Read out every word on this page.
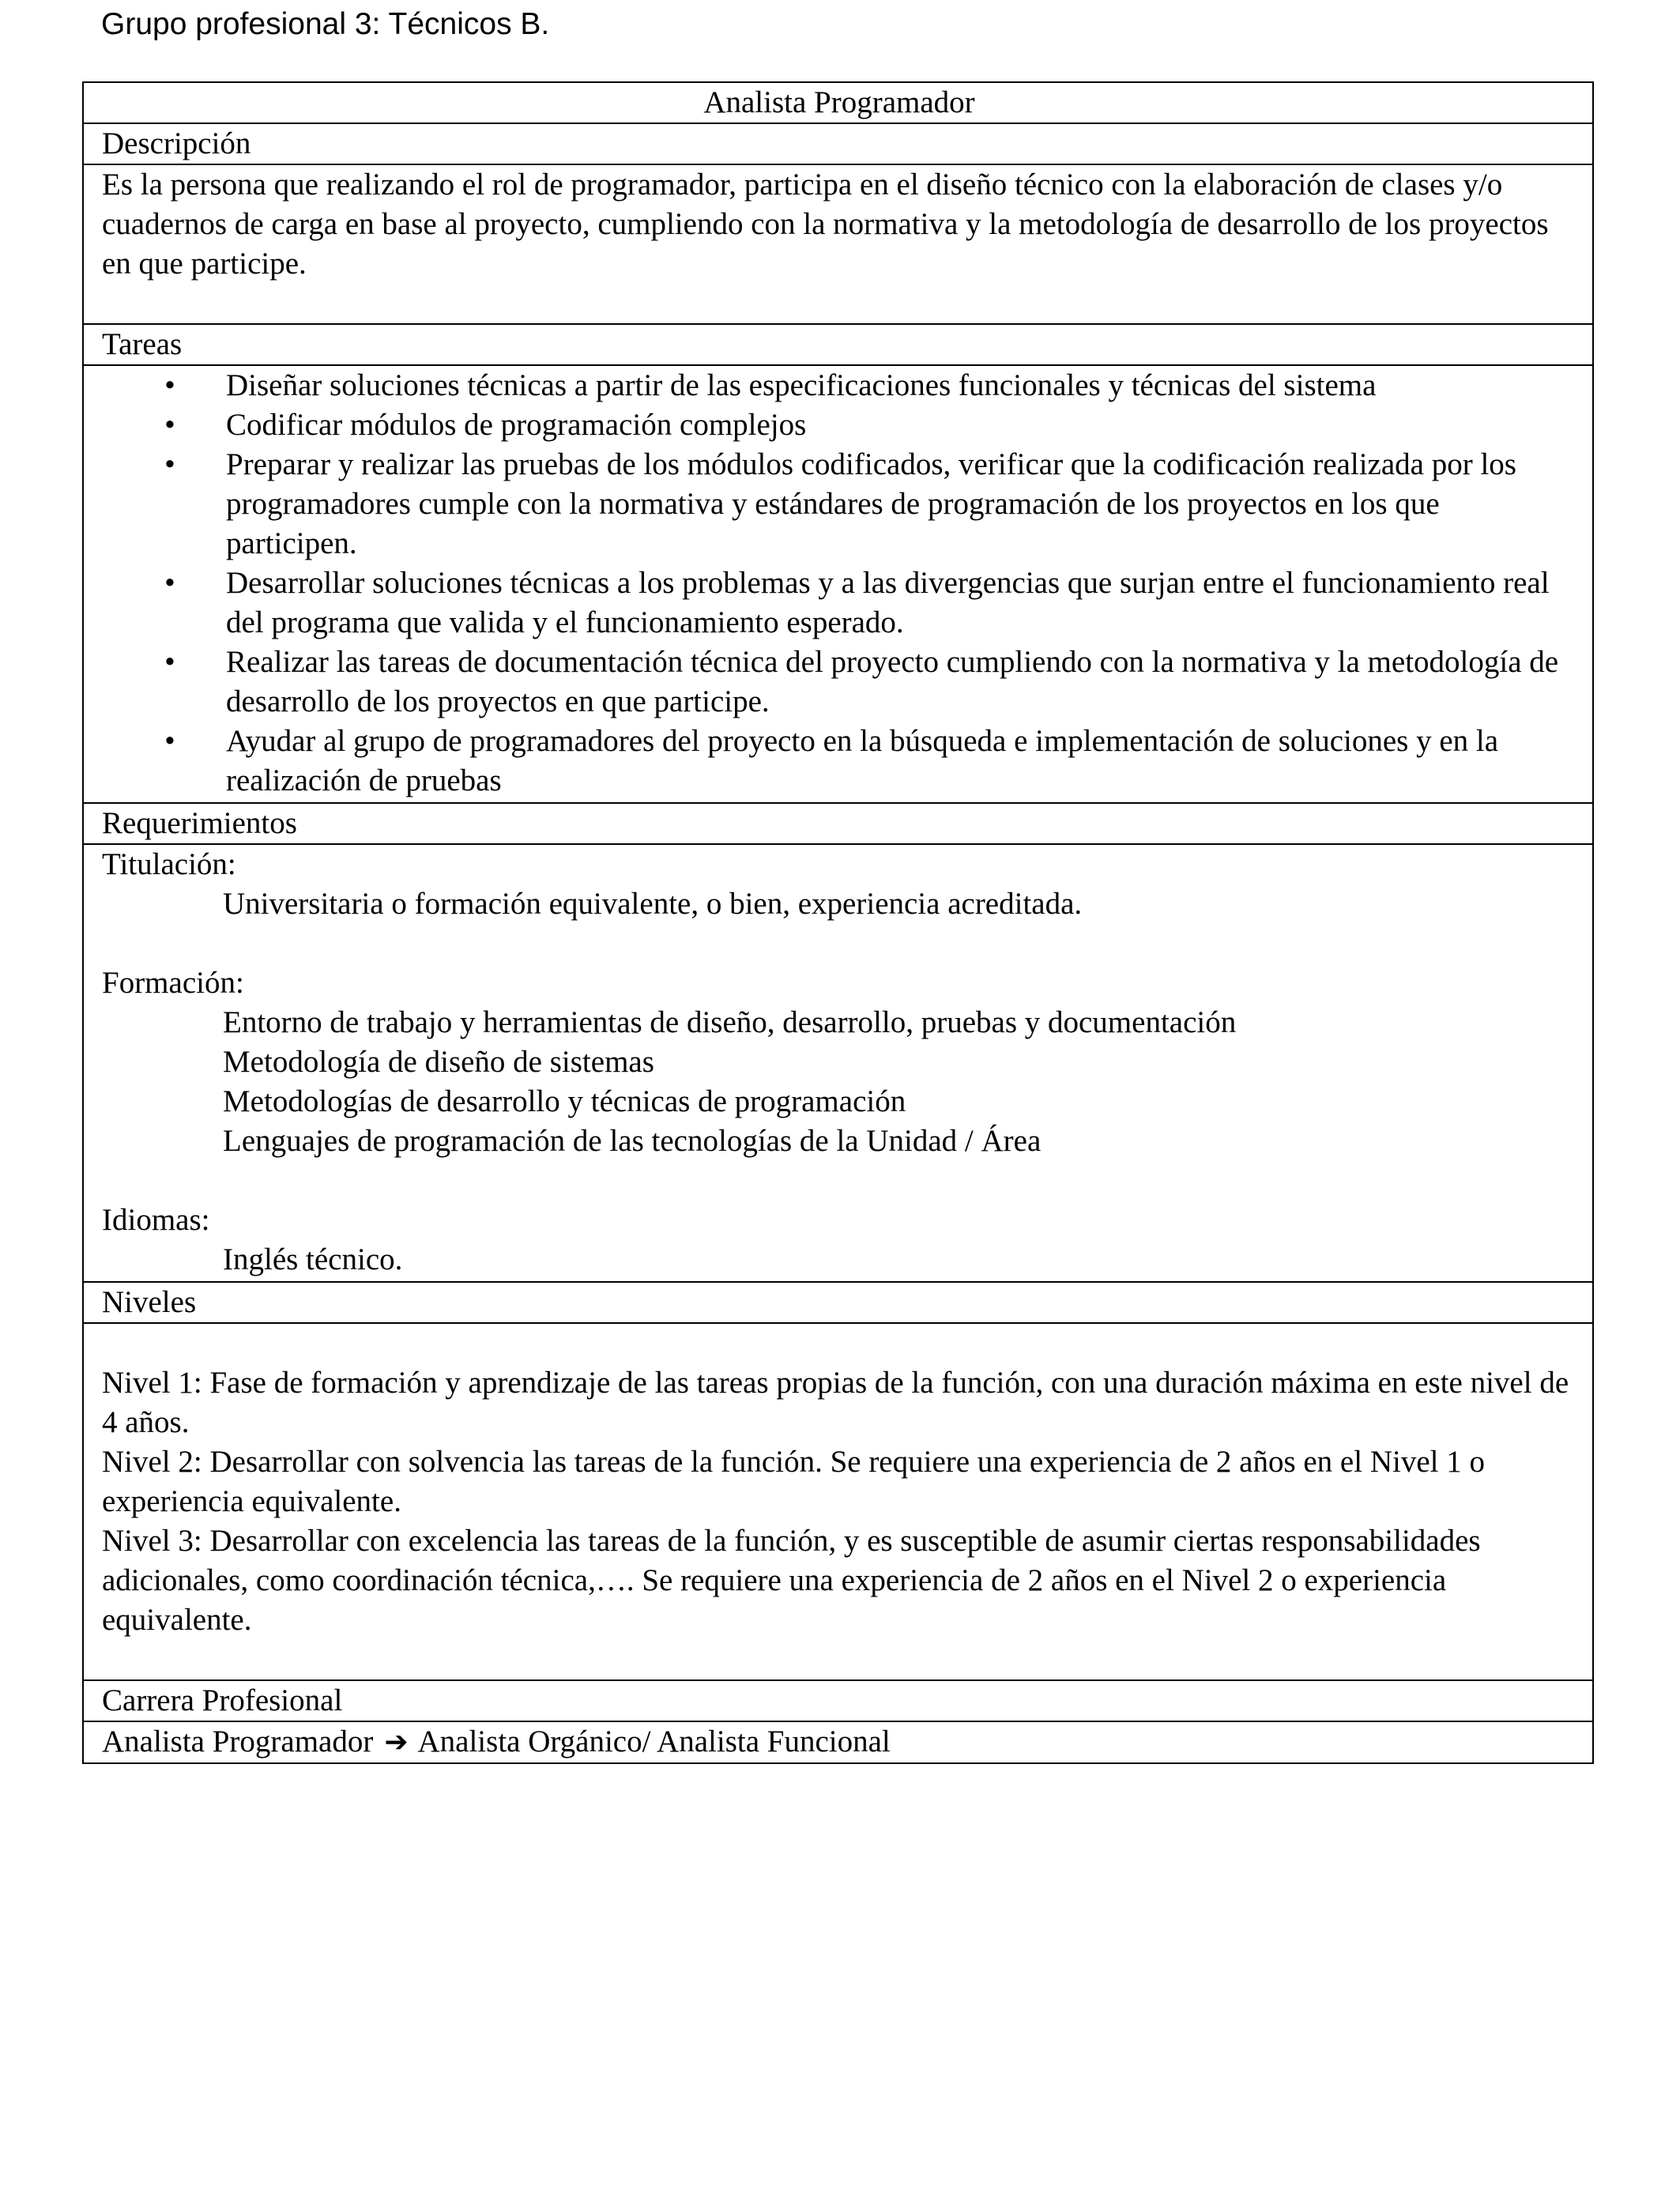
Grupo profesional 3: Técnicos B.
Analista Programador
Descripción
Es la persona que realizando el rol de programador, participa en el diseño técnico con la elaboración de clases y/o cuadernos de carga en base al proyecto, cumpliendo con la normativa y la metodología de desarrollo de los proyectos en que participe.
Tareas

• Diseñar soluciones técnicas a partir de las especificaciones funcionales y técnicas del sistema
• Codificar módulos de programación complejos
• Preparar y realizar las pruebas de los módulos codificados, verificar que la codificación realizada por los programadores cumple con la normativa y estándares de programación de los proyectos en los que participen.
• Desarrollar soluciones técnicas a los problemas y a las divergencias que surjan entre el funcionamiento real del programa que valida y el funcionamiento esperado.
• Realizar las tareas de documentación técnica del proyecto cumpliendo con la normativa y la metodología de desarrollo de los proyectos en que participe.
• Ayudar al grupo de programadores del proyecto en la búsqueda e implementación de soluciones y en la realización de pruebas

Requerimientos

Titulación:
Universitaria o formación equivalente, o bien, experiencia acreditada.
Formación:
Entorno de trabajo y herramientas de diseño, desarrollo, pruebas y documentación
Metodología de diseño de sistemas
Metodologías de desarrollo y técnicas de programación
Lenguajes de programación de las tecnologías de la Unidad / Área
Idiomas:
Inglés técnico.

Niveles

Nivel 1: Fase de formación y aprendizaje de las tareas propias de la función, con una duración máxima en este nivel de 4 años.
Nivel 2: Desarrollar con solvencia las tareas de la función. Se requiere una experiencia de 2 años en el Nivel 1 o experiencia equivalente.
Nivel 3: Desarrollar con excelencia las tareas de la función, y es susceptible de asumir ciertas responsabilidades adicionales, como coordinación técnica,…. Se requiere una experiencia de 2 años en el Nivel 2 o experiencia equivalente.

Carrera Profesional
Analista Programador ➔ Analista Orgánico/ Analista Funcional
